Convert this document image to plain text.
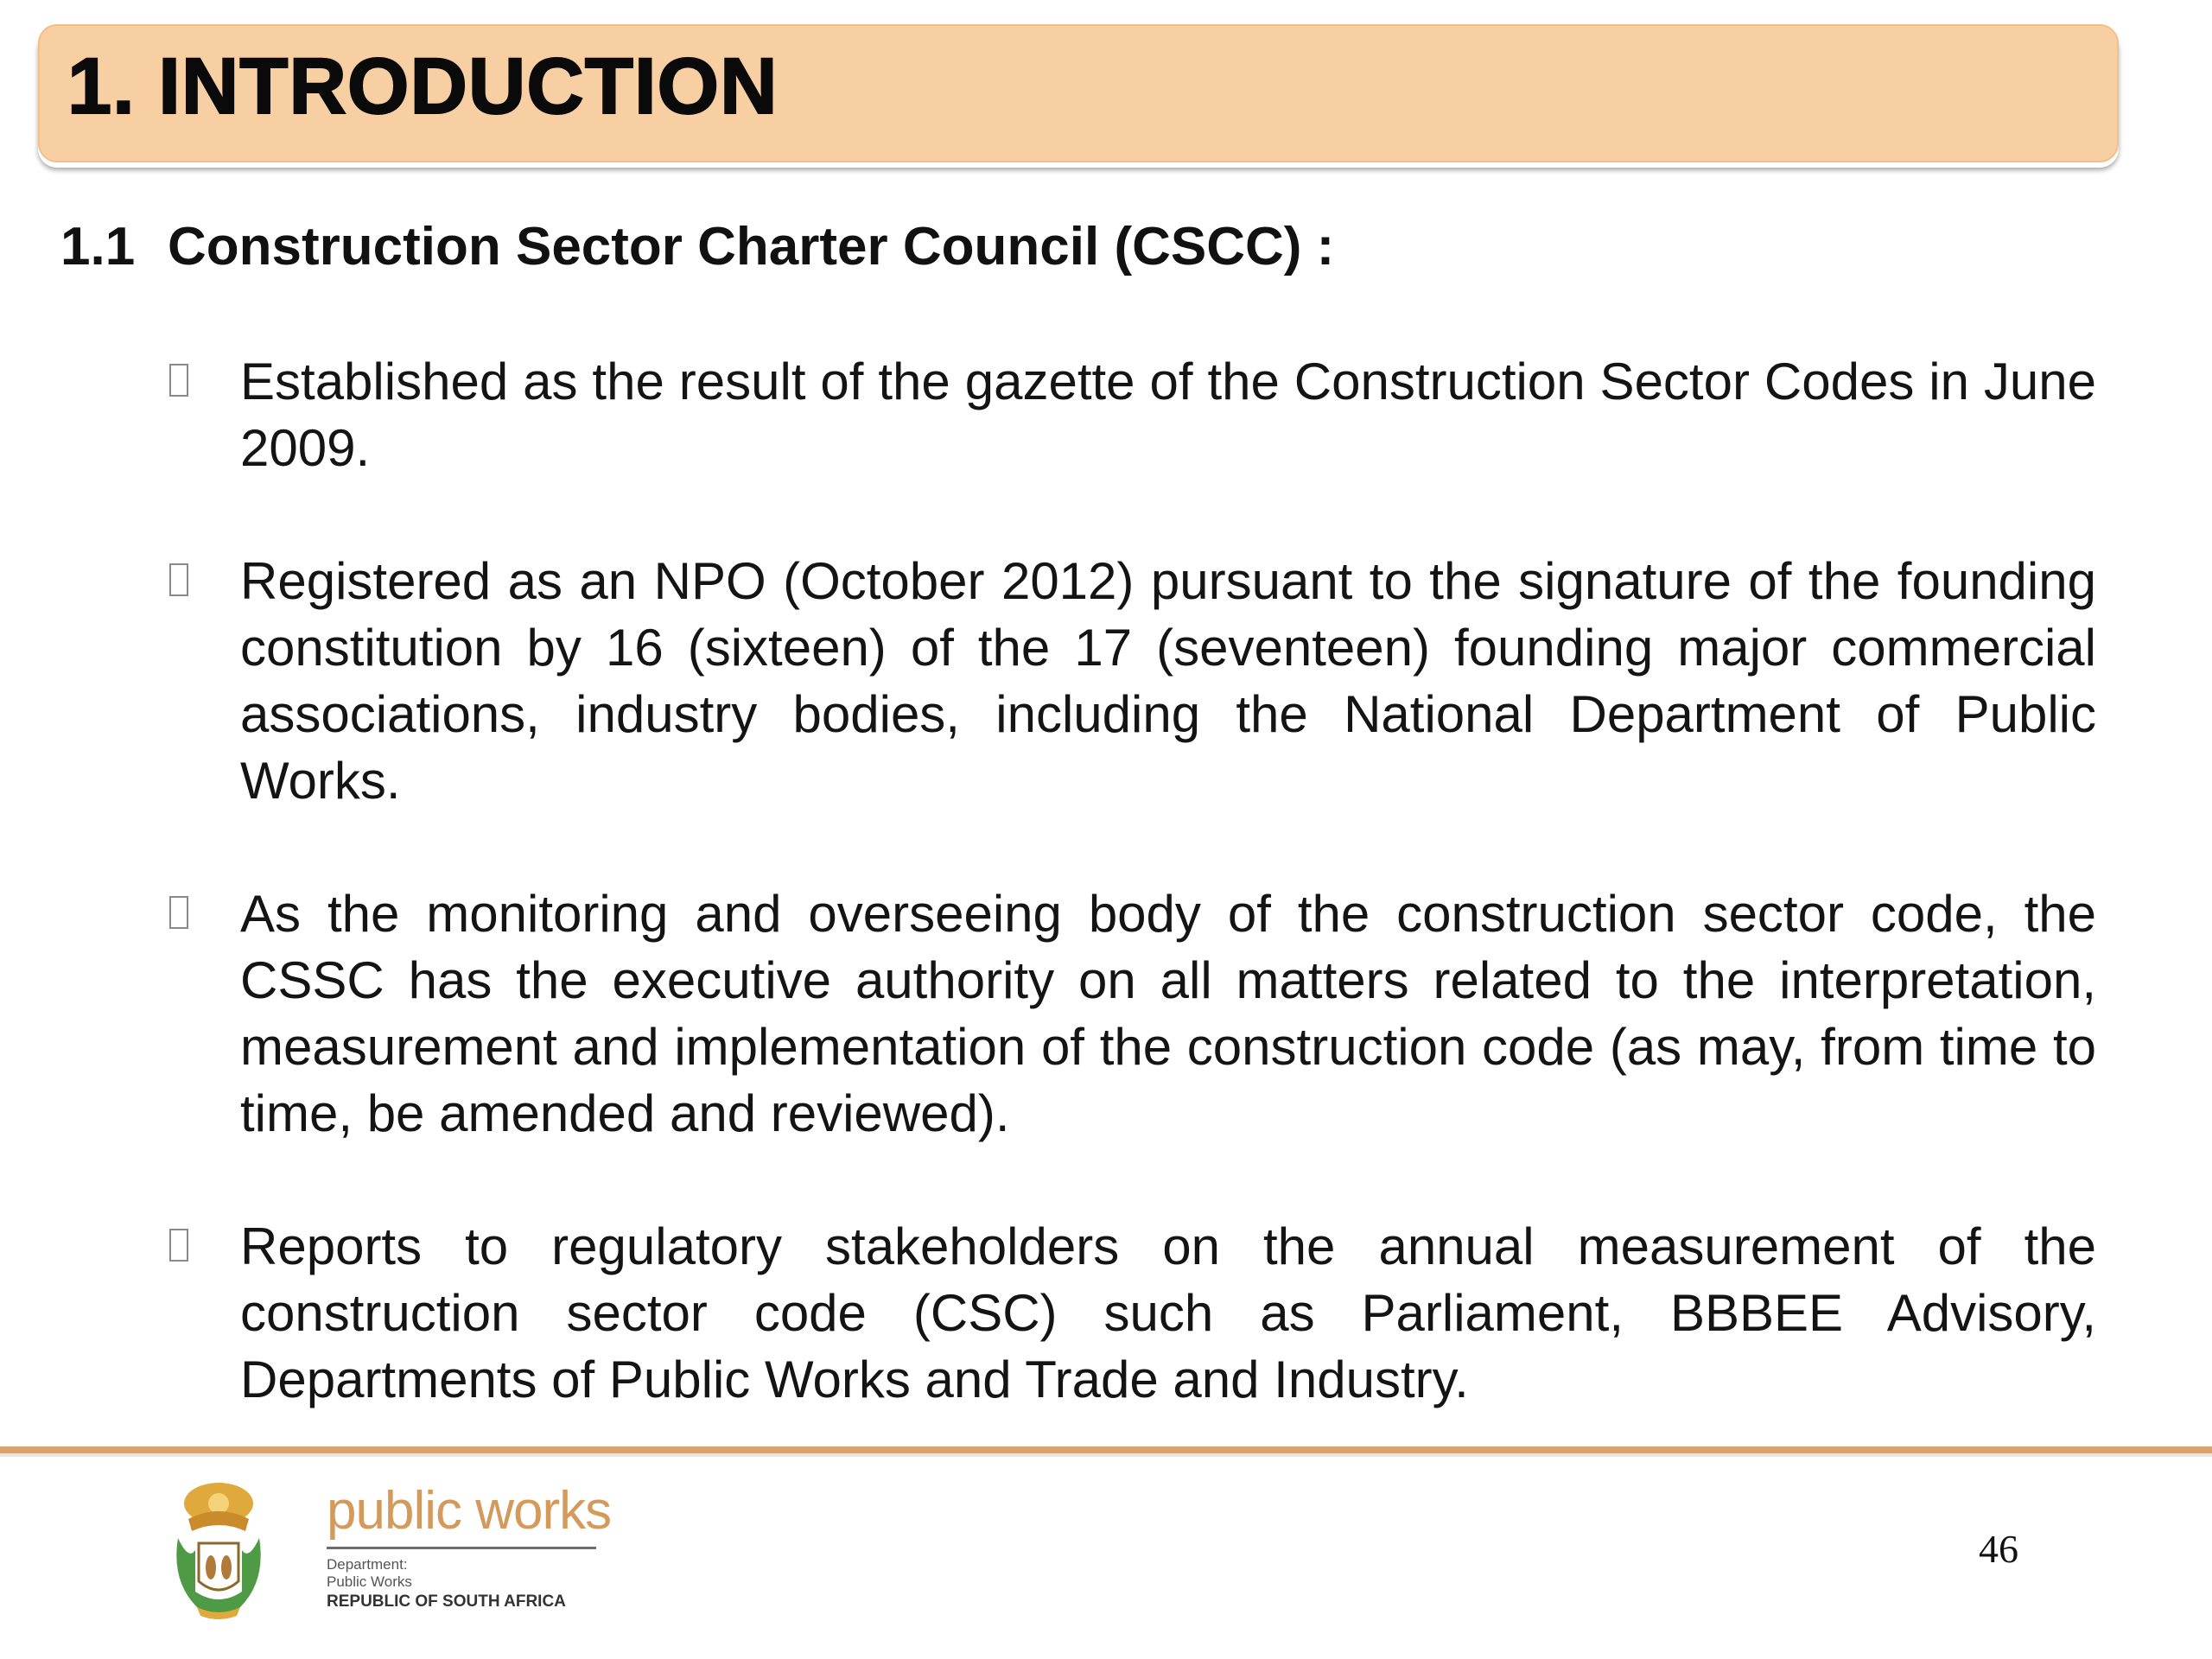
1. INTRODUCTION
1.1 Construction Sector Charter Council (CSCC) :
Established as the result of the gazette of the Construction Sector Codes in June 2009.
Registered as an NPO (October 2012) pursuant to the signature of the founding constitution by 16 (sixteen) of the 17 (seventeen) founding major commercial associations, industry bodies, including the National Department of Public Works.
As the monitoring and overseeing body of the construction sector code, the CSSC has the executive authority on all matters related to the interpretation, measurement and implementation of the construction code (as may, from time to time, be amended and reviewed).
Reports to regulatory stakeholders on the annual measurement of the construction sector code (CSC) such as Parliament, BBBEE Advisory, Departments of Public Works and Trade and Industry.
public works
Department:
Public Works
REPUBLIC OF SOUTH AFRICA
46
